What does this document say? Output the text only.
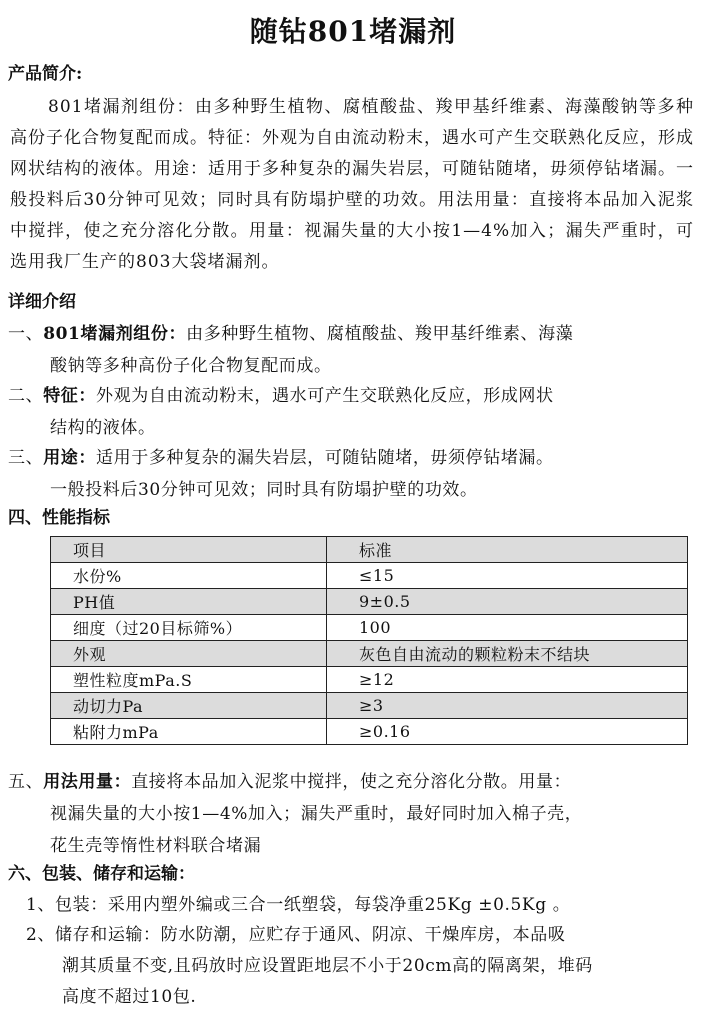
随钻801堵漏剂
产品简介:
801堵漏剂组份：由多种野生植物、腐植酸盐、羧甲基纤维素、海藻酸钠等多种高份子化合物复配而成。特征：外观为自由流动粉末，遇水可产生交联熟化反应，形成网状结构的液体。用途：适用于多种复杂的漏失岩层，可随钻随堵，毋须停钻堵漏。一般投料后30分钟可见效；同时具有防塌护壁的功效。用法用量：直接将本品加入泥浆中搅拌，使之充分溶化分散。用量：视漏失量的大小按1—4%加入；漏失严重时，可选用我厂生产的803大袋堵漏剂。
详细介绍
一、801堵漏剂组份：由多种野生植物、腐植酸盐、羧甲基纤维素、海藻
酸钠等多种高份子化合物复配而成。
二、特征：外观为自由流动粉末，遇水可产生交联熟化反应，形成网状
结构的液体。
三、用途：适用于多种复杂的漏失岩层，可随钻随堵，毋须停钻堵漏。
一般投料后30分钟可见效；同时具有防塌护壁的功效。
四、性能指标
项目	标准
水份%	≤15
PH值	9±0.5
细度（过20目标筛%）	100
外观	灰色自由流动的颗粒粉末不结块
塑性粒度mPa.S	≥12
动切力Pa	≥3
粘附力mPa	≥0.16
五、用法用量：直接将本品加入泥浆中搅拌，使之充分溶化分散。用量：
视漏失量的大小按1—4%加入；漏失严重时，最好同时加入棉子壳，
花生壳等惰性材料联合堵漏
六、包装、储存和运输：
1、包装：采用内塑外编或三合一纸塑袋，每袋净重25Kg ±0.5Kg 。
2、储存和运输：防水防潮，应贮存于通风、阴凉、干燥库房，本品吸
潮其质量不变,且码放时应设置距地层不小于20cm高的隔离架，堆码
高度不超过10包.
